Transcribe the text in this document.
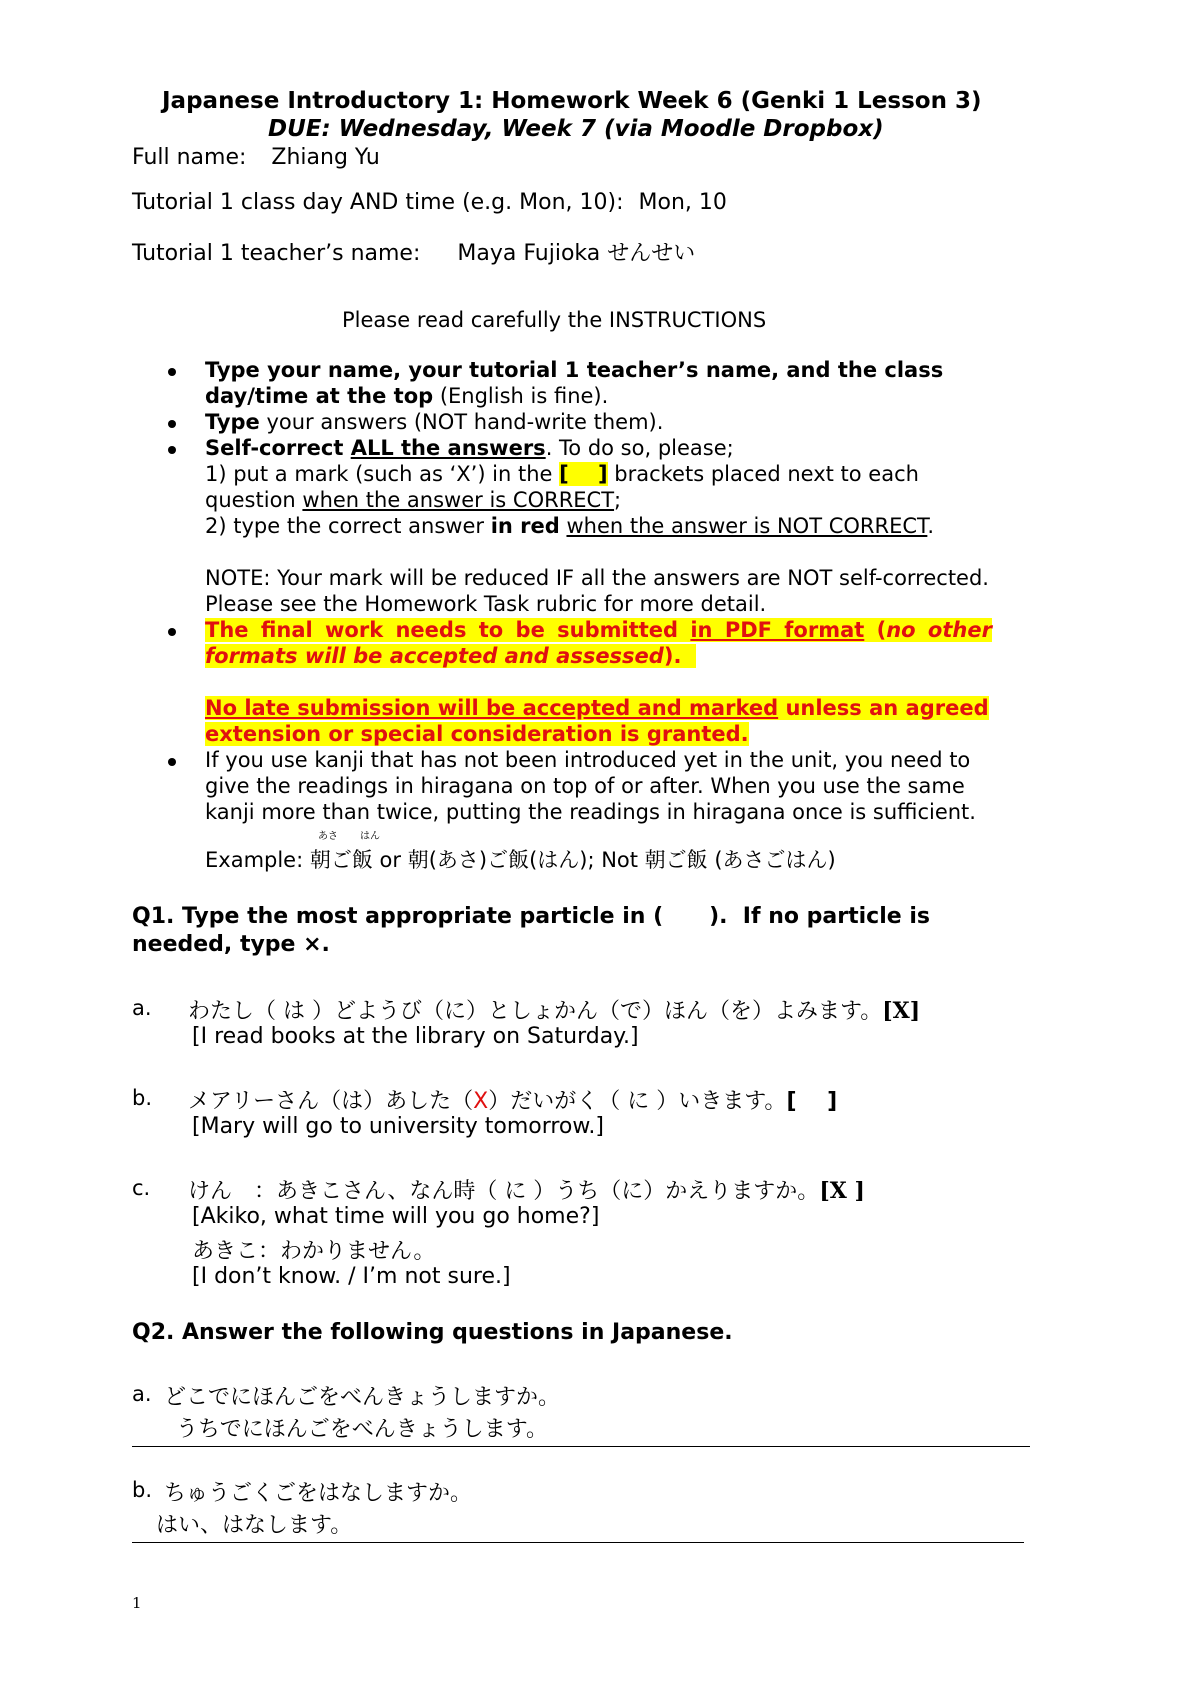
Japanese Introductory 1: Homework Week 6 (Genki 1 Lesson 3)
DUE: Wednesday, Week 7 (via Moodle Dropbox)
Full name: Zhiang Yu
Tutorial 1 class day AND time (e.g. Mon, 10): Mon, 10
Tutorial 1 teacher’s name: Maya Fujioka せんせい
Please read carefully the INSTRUCTIONS
Type your name, your tutorial 1 teacher’s name, and the class
day/time at the top (English is fine).
Type your answers (NOT hand-write them).
Self-correct ALL the answers. To do so, please;
1) put a mark (such as ‘X’) in the [    ] brackets placed next to each
question when the answer is CORRECT;
2) type the correct answer in red when the answer is NOT CORRECT.
NOTE: Your mark will be reduced IF all the answers are NOT self-corrected.
Please see the Homework Task rubric for more detail.
The final work needs to be submitted in PDF format (no other
formats will be accepted and assessed).
No late submission will be accepted and marked unless an agreed
extension or special consideration is granted.
If you use kanji that has not been introduced yet in the unit, you need to
give the readings in hiragana on top of or after. When you use the same
kanji more than twice, putting the readings in hiragana once is sufficient.
あさ はん
Example: 朝ご飯 or 朝(あさ)ご飯(はん); Not 朝ご飯 (あさごはん)
Q1. Type the most appropriate particle in (      ).  If no particle is
needed, type ×.
a. わたし（ は ）どようび（に）としょかん（で）ほん（を）よみます。[X]
[I read books at the library on Saturday.]
b. メアリーさん（は）あした（X）だいがく（ に ）いきます。[    ]
[Mary will go to university tomorrow.]
c. けん　：あきこさん、なん時（ に ）うち（に）かえりますか。[X ]
[Akiko, what time will you go home?]
あきこ：わかりません。
[I don’t know. / I’m not sure.]
Q2. Answer the following questions in Japanese.
a. どこでにほんごをべんきょうしますか。
うちでにほんごをべんきょうします。
b. ちゅうごくごをはなしますか。
はい、はなします。
1
